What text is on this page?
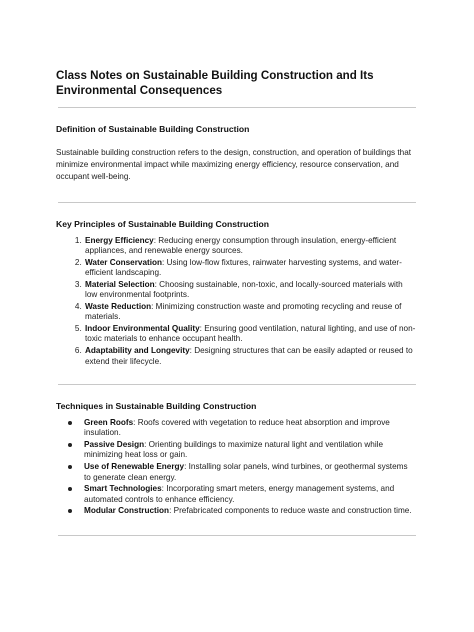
Class Notes on Sustainable Building Construction and Its Environmental Consequences
Definition of Sustainable Building Construction

Sustainable building construction refers to the design, construction, and operation of buildings that minimize environmental impact while maximizing energy efficiency, resource conservation, and occupant well-being.

Key Principles of Sustainable Building Construction
1. Energy Efficiency: Reducing energy consumption through insulation, energy-efficient appliances, and renewable energy sources.
2. Water Conservation: Using low-flow fixtures, rainwater harvesting systems, and water-efficient landscaping.
3. Material Selection: Choosing sustainable, non-toxic, and locally-sourced materials with low environmental footprints.
4. Waste Reduction: Minimizing construction waste and promoting recycling and reuse of materials.
5. Indoor Environmental Quality: Ensuring good ventilation, natural lighting, and use of non-toxic materials to enhance occupant health.
6. Adaptability and Longevity: Designing structures that can be easily adapted or reused to extend their lifecycle.
Techniques in Sustainable Building Construction
Green Roofs: Roofs covered with vegetation to reduce heat absorption and improve insulation.
Passive Design: Orienting buildings to maximize natural light and ventilation while minimizing heat loss or gain.
Use of Renewable Energy: Installing solar panels, wind turbines, or geothermal systems to generate clean energy.
Smart Technologies: Incorporating smart meters, energy management systems, and automated controls to enhance efficiency.
Modular Construction: Prefabricated components to reduce waste and construction time.
